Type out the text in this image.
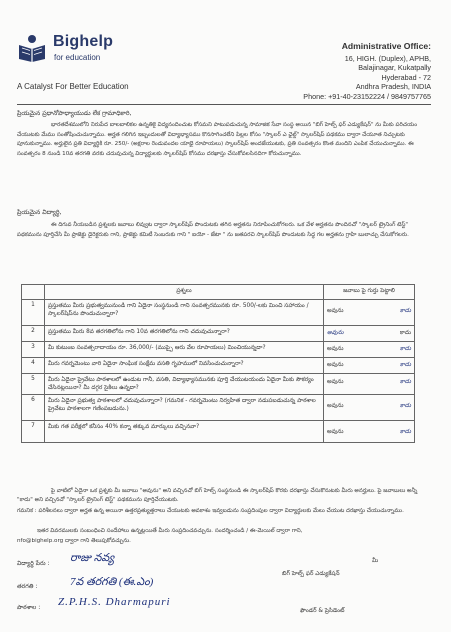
Bighelp
for education
A Catalyst For Better Education
Administrative Office:
16, HIGH. (Duplex), APHB,
Balajinagar, Kukatpally
Hyderabad - 72
Andhra Pradesh, INDIA
Phone: +91-40-23152224 / 9849757765
ప్రియమైన ప్రధానోపాధ్యాయుడు లేక గ్రామాధికారి,
భారతదేశములోని నిరుపేద బాలబాలికల ఉన్నతికై విద్యనందించుట కోసమని పాటుపడుచున్న సామాజిక సేవా సంస్థ అయిన "బిగ్ హెల్ప్ ఫర్ ఎడ్యుకేషన్" ను మీకు పరిచయం చేయుటకు మేము సంతోషించుచున్నాము. అర్హత గలిగిన ఇబ్బందులతో విద్యాభ్యాసము కొనసాగించలేని పిల్లల కోసం "స్కాలర్ ఎ ఛైల్డ్" స్కాలర్‌షిప్ పథకము ద్వారా చేయూత నిచ్చుటకు పూనుకున్నాము. అర్హులైన ప్రతి విద్యార్థికి రూ. 250/- (అక్షరాల రెండువందల యాభై రూపాయలు) స్కాలర్‌షిప్ అందజేయుటకు, ప్రతి సంవత్సరం కొంత మందిని ఎంపిక చేయుచున్నాము. ఈ సంవత్సరం 8 నుండి 10వ తరగతి వరకు చదువుచున్న విద్యార్థులకు స్కాలర్‌షిప్ కోసము దరఖాస్తు చేసుకోవలసినదిగా కోరుచున్నాము.
ప్రియమైన విద్యార్థి,
ఈ దిగువ నీయబడిన ప్రశ్నలకు జవాబు లివ్వుట ద్వారా స్కాలర్‌షిప్ పొందుటకు తగిన అర్హతను నిరూపించుకోగలరు. ఒక వేళ అర్హతను పొందినచో "స్కాలర్ ట్రైనింగ్ టెస్ట్" పథకమును పూర్తిచేసి మీ ప్రాజెక్టు డైరెక్టరుకు గాని, ప్రాజెక్టు కమిటీ సెంబరుకు గాని " ఐయో - జేటా " ను జతపరచి స్కాలర్‌షిప్ పొందుటకు సిద్ధ గల అర్హతను గ్రాహి బులాచ్చు చేసుకోగలరు.
	ప్రశ్నలు	జవాబు పై గుర్తు పెట్టాలి
1	ప్రస్తుతము మీరు ప్రభుత్వమునుండి గాని ఏదైనా సంస్థనుండి గాని సంవత్సరమునకు రూ. 500/-లకు మించి సహాయం / స్కాలర్‌షిప్‌ను పొందుచున్నారా?	అవును కాదు

2	ప్రస్తుతము మీరు 8వ తరగతిలోను గాని 10వ తరగతిలోను గాని చదువుచున్నారా?	అవును కాదు

3	మీ కుటుంబ సంవత్సరాదాయం రూ. 36,000/- (ముప్పై ఆరు వేల రూపాయలు) మించియున్నదా?	అవును కాదు

4	మీరు గవర్నమెంటు వారి ఏదైనా సాంఘిక సంక్షేమ వసతి గృహములో నివసించుచున్నారా?	అవును కాదు

5	మీరు ఏదైనా ప్రైవేటు పాఠశాలలో ఉండుట గానీ, వసతి, విద్యాభ్యాసమునకు పూర్తి చేయుటయందు ఏదైనా మీకు సౌకర్యం చేసినట్లయినా? మీ దగ్గర సైకిలు ఉన్నదా?	అవును కాదు

6	మీరు ఏదైనా ప్రభుత్వ పాఠశాలలో చదువుచున్నారా? (గమనిక - గవర్నమెంటు నిర్వహిత ద్వారా నడుపబడుచున్న పాఠశాల ప్రైవేటు పాఠశాలగా గణింపబడును.)	అవును కాదు

7	మీకు గత పరీక్షలో కనీసం 40% కన్నా తక్కువ మార్కులు వచ్చినవా?	అవును కాదు
పై వాటిలో ఏదైనా ఒక ప్రశ్నకు మీ జవాబు "అవును" అని వచ్చినచో బిగ్ హెల్ప్ సంస్థనుండి ఈ స్కాలర్‌షిప్ కొరకు దరఖాస్తు చేసుకొనుటకు మీరు అనర్హులు. పై జవాబులు అన్నీ "కాదు" అని వచ్చినచో "స్కాలర్ ట్రైనింగ్ టెస్ట్" పథకమును పూర్తిచేయుటకు.
గమనిక : పరిశీలనలు ద్వారా అర్హత ఉన్న అయినా ఉత్తరప్రత్యుత్తరాలు చేయుటకు అవకాశం ఇవ్వబడును సంప్రదింపుల ద్వారా విద్యార్థులకు మేలు చేయుట దరఖాస్తు చేయుచున్నాము.
ఇతర వివరములకు సంబంధించి సందేహాలు ఉన్నట్లయితే మీరు సంప్రదించవచ్చును. సందర్శించండి / ఈ-మెయిల్ ద్వారా గాని,
nfo@bighelp.org ద్వారా గాని తెలుపుకోవచ్చును.
విద్యార్థి పేరు : రాజు నవ్య
తరగతి :	7వ తరగతి (ఈ.ఎం)
పాఠశాల : Z.P.H.S. Dharmapuri
మీ
బిగ్ హెల్ప్ ఫర్ ఎడ్యుకేషన్
ఫౌండర్ & ప్రెసిడెంట్
